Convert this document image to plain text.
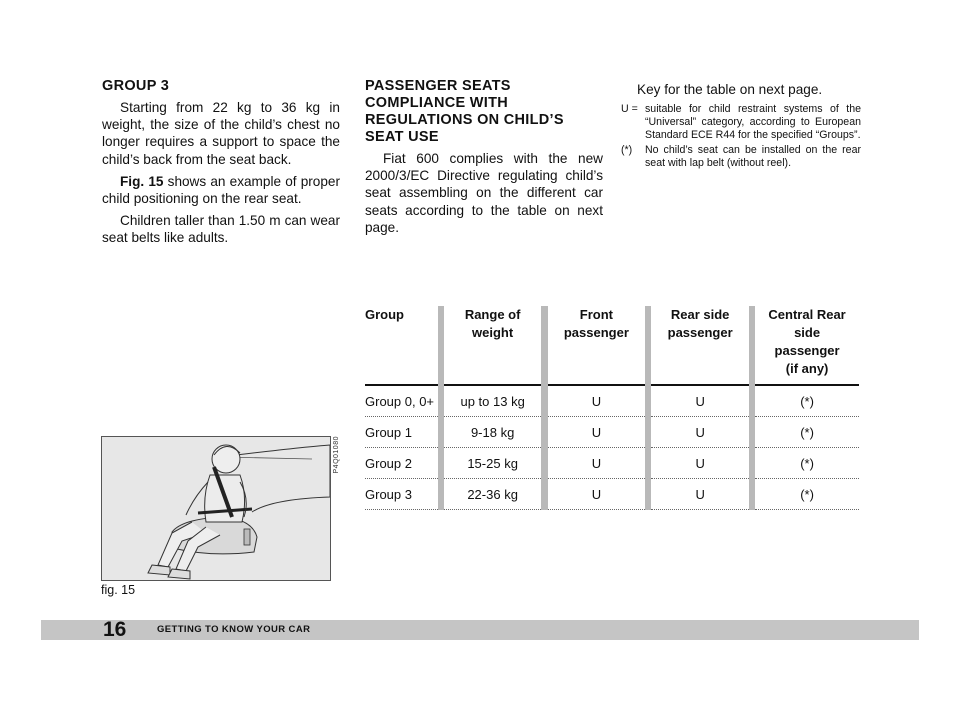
GROUP 3

Starting from 22 kg to 36 kg in weight, the size of the child’s chest no longer requires a support to space the child’s back from the seat back.

Fig. 15 shows an example of proper child positioning on the rear seat.

Children taller than 1.50 m can wear seat belts like adults.

PASSENGER SEATS COMPLIANCE WITH REGULATIONS ON CHILD’S SEAT USE

Fiat 600 complies with the new 2000/3/EC Directive regulating child’s seat assembling on the different car seats according to the table on next page.

Key for the table on next page.
U = suitable for child restraint systems of the “Universal” category, according to European Standard ECE R44 for the specified “Groups”.
(*)	No child’s seat can be installed on the rear seat with lap belt (without reel).
P4Q01080
fig. 15
Group		Range of weight		Front passenger		Rear side passenger		Central Rear side passenger (if any)

Group 0, 0+		up to 13 kg		U		U		(*)
Group 1		9-18 kg		U		U		(*)
Group 2		15-25 kg		U		U		(*)
Group 3		22-36 kg		U		U		(*)
16	GETTING TO KNOW YOUR CAR
